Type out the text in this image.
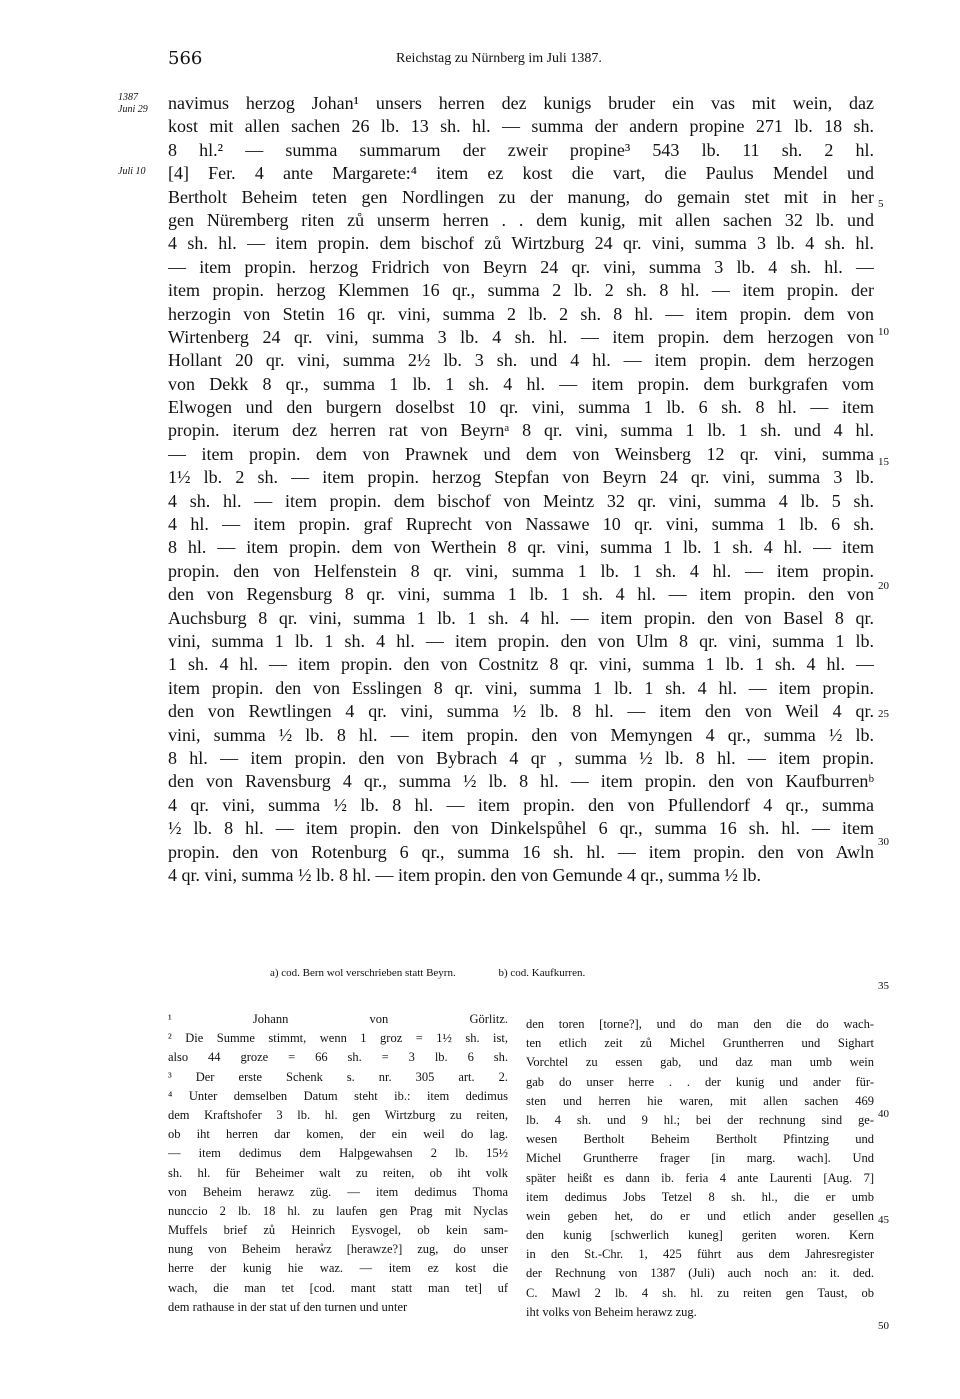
566	Reichstag zu Nürnberg im Juli 1387.
1387
Juni 29
Juli 10
navimus herzog Johan¹ unsers herren dez kunigs bruder ein vas mit wein, daz
kost mit allen sachen 26 lb. 13 sh. hl. — summa der andern propine 271 lb. 18 sh.
8 hl.² — summa summarum der zweir propine³ 543 lb. 11 sh. 2 hl.
[4] Fer. 4 ante Margarete:⁴ item ez kost die vart, die Paulus Mendel und
Bertholt Beheim teten gen Nordlingen zu der manung, do gemain stet mit in her
gen Nüremberg riten zů unserm herren . . dem kunig, mit allen sachen 32 lb. und
4 sh. hl. — item propin. dem bischof zů Wirtzburg 24 qr. vini, summa 3 lb. 4 sh. hl.
— item propin. herzog Fridrich von Beyrn 24 qr. vini, summa 3 lb. 4 sh. hl. —
item propin. herzog Klemmen 16 qr., summa 2 lb. 2 sh. 8 hl. — item propin. der
herzogin von Stetin 16 qr. vini, summa 2 lb. 2 sh. 8 hl. — item propin. dem von
Wirtenberg 24 qr. vini, summa 3 lb. 4 sh. hl. — item propin. dem herzogen von
Hollant 20 qr. vini, summa 2½ lb. 3 sh. und 4 hl. — item propin. dem herzogen
von Dekk 8 qr., summa 1 lb. 1 sh. 4 hl. — item propin. dem burkgrafen vom
Elwogen und den burgern doselbst 10 qr. vini, summa 1 lb. 6 sh. 8 hl. — item
propin. iterum dez herren rat von Beyrnᵃ 8 qr. vini, summa 1 lb. 1 sh. und 4 hl.
— item propin. dem von Prawnek und dem von Weinsberg 12 qr. vini, summa
1½ lb. 2 sh. — item propin. herzog Stepfan von Beyrn 24 qr. vini, summa 3 lb.
4 sh. hl. — item propin. dem bischof von Meintz 32 qr. vini, summa 4 lb. 5 sh.
4 hl. — item propin. graf Ruprecht von Nassawe 10 qr. vini, summa 1 lb. 6 sh.
8 hl. — item propin. dem von Werthein 8 qr. vini, summa 1 lb. 1 sh. 4 hl. — item
propin. den von Helfenstein 8 qr. vini, summa 1 lb. 1 sh. 4 hl. — item propin.
den von Regensburg 8 qr. vini, summa 1 lb. 1 sh. 4 hl. — item propin. den von
Auchsburg 8 qr. vini, summa 1 lb. 1 sh. 4 hl. — item propin. den von Basel 8 qr.
vini, summa 1 lb. 1 sh. 4 hl. — item propin. den von Ulm 8 qr. vini, summa 1 lb.
1 sh. 4 hl. — item propin. den von Costnitz 8 qr. vini, summa 1 lb. 1 sh. 4 hl. —
item propin. den von Esslingen 8 qr. vini, summa 1 lb. 1 sh. 4 hl. — item propin.
den von Rewtlingen 4 qr. vini, summa ½ lb. 8 hl. — item den von Weil 4 qr.
vini, summa ½ lb. 8 hl. — item propin. den von Memyngen 4 qr., summa ½ lb.
8 hl. — item propin. den von Bybrach 4 qr , summa ½ lb. 8 hl. — item propin.
den von Ravensburg 4 qr., summa ½ lb. 8 hl. — item propin. den von Kaufburrenᵇ
4 qr. vini, summa ½ lb. 8 hl. — item propin. den von Pfullendorf 4 qr., summa
½ lb. 8 hl. — item propin. den von Dinkelspůhel 6 qr., summa 16 sh. hl. — item
propin. den von Rotenburg 6 qr., summa 16 sh. hl. — item propin. den von Awln
4 qr. vini, summa ½ lb. 8 hl. — item propin. den von Gemunde 4 qr., summa ½ lb.
5
10
15
20
25
30
35
40
45
50
a) cod. Bern wol verschrieben statt Beyrn.	b) cod. Kaufkurren.
¹ Johann von Görlitz.
² Die Summe stimmt, wenn 1 groz = 1½ sh. ist,
also 44 groze = 66 sh. = 3 lb. 6 sh.
³ Der erste Schenk s. nr. 305 art. 2.
⁴ Unter demselben Datum steht ib.: item dedimus
dem Kraftshofer 3 lb. hl. gen Wirtzburg zu reiten,
ob iht herren dar komen, der ein weil do lag.
— item dedimus dem Halpgewahsen 2 lb. 15½
sh. hl. für Beheimer walt zu reiten, ob iht volk
von Beheim herawz züg. — item dedimus Thoma
nunccio 2 lb. 18 hl. zu laufen gen Prag mit Nyclas
Muffels brief zů Heinrich Eysvogel, ob kein sam-
nung von Beheim heraẘz [herawze?] zug, do unser
herre der kunig hie waz. — item ez kost die
wach, die man tet [cod. mant statt man tet] uf
dem rathause in der stat uf den turnen und unter
den toren [torne?], und do man den die do wach-
ten etlich zeit zů Michel Gruntherren und Sighart
Vorchtel zu essen gab, und daz man umb wein
gab do unser herre . . der kunig und ander für-
sten und herren hie waren, mit allen sachen 469
lb. 4 sh. und 9 hl.; bei der rechnung sind ge-
wesen Bertholt Beheim Bertholt Pfintzing und
Michel Gruntherre frager [in marg. wach]. Und
später heißt es dann ib. feria 4 ante Laurenti [Aug. 7]
item dedimus Jobs Tetzel 8 sh. hl., die er umb
wein geben het, do er und etlich ander gesellen
den kunig [schwerlich kuneg] geriten woren. Kern
in den St.-Chr. 1, 425 führt aus dem Jahresregister
der Rechnung von 1387 (Juli) auch noch an: it. ded.
C. Mawl 2 lb. 4 sh. hl. zu reiten gen Taust, ob
iht volks von Beheim herawz zug.
